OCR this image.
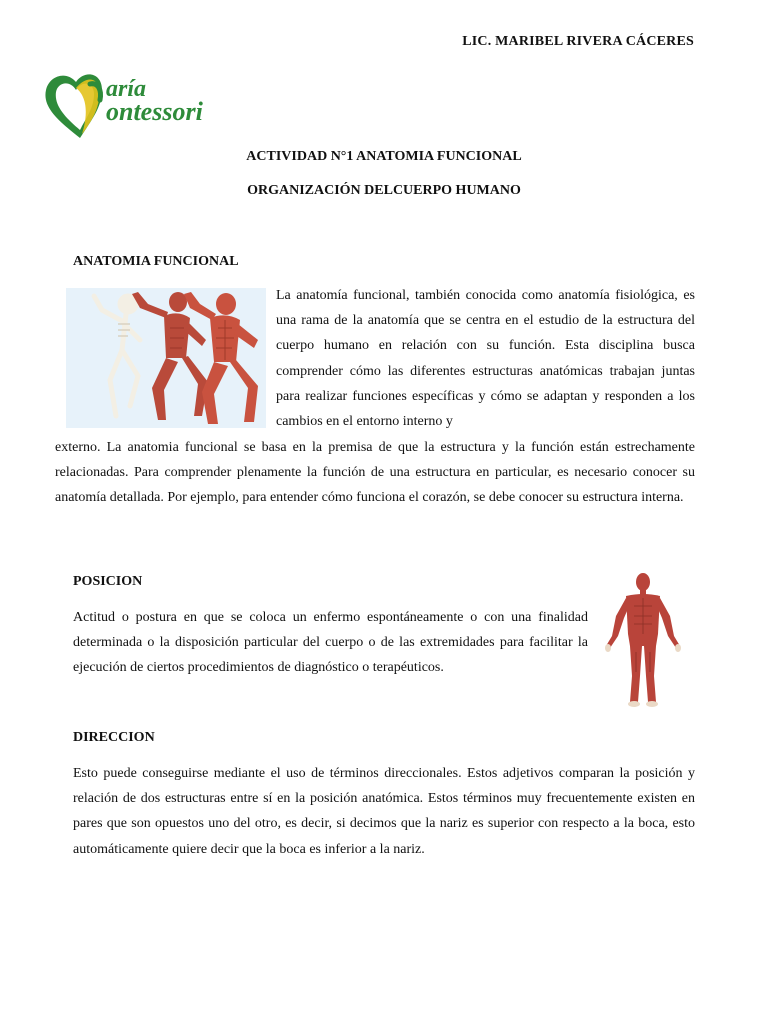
LIC. MARIBEL RIVERA CÁCERES
aría
ontessori
ACTIVIDAD N°1 ANATOMIA FUNCIONAL
ORGANIZACIÓN DELCUERPO HUMANO
ANATOMIA FUNCIONAL

La anatomía funcional, también conocida como anatomía fisiológica, es una rama de la anatomía que se centra en el estudio de la estructura del cuerpo humano en relación con su función. Esta disciplina busca comprender cómo las diferentes estructuras anatómicas trabajan juntas para realizar funciones específicas y cómo se adaptan y responden a los cambios en el entorno interno y

externo. La anatomia funcional se basa en la premisa de que la estructura y la función están estrechamente relacionadas. Para comprender plenamente la función de una estructura en particular, es necesario conocer su anatomía detallada. Por ejemplo, para entender cómo funciona el corazón, se debe conocer su estructura interna.

POSICION

Actitud o postura en que se coloca un enfermo espontáneamente o con una finalidad determinada o la disposición particular del cuerpo o de las extremidades para facilitar la ejecución de ciertos procedimientos de diagnóstico o terapéuticos.

DIRECCION

Esto puede conseguirse mediante el uso de términos direccionales. Estos adjetivos comparan la posición y relación de dos estructuras entre sí en la posición anatómica. Estos términos muy frecuentemente existen en pares que son opuestos uno del otro, es decir, si decimos que la nariz es superior con respecto a la boca, esto automáticamente quiere decir que la boca es inferior a la nariz.
